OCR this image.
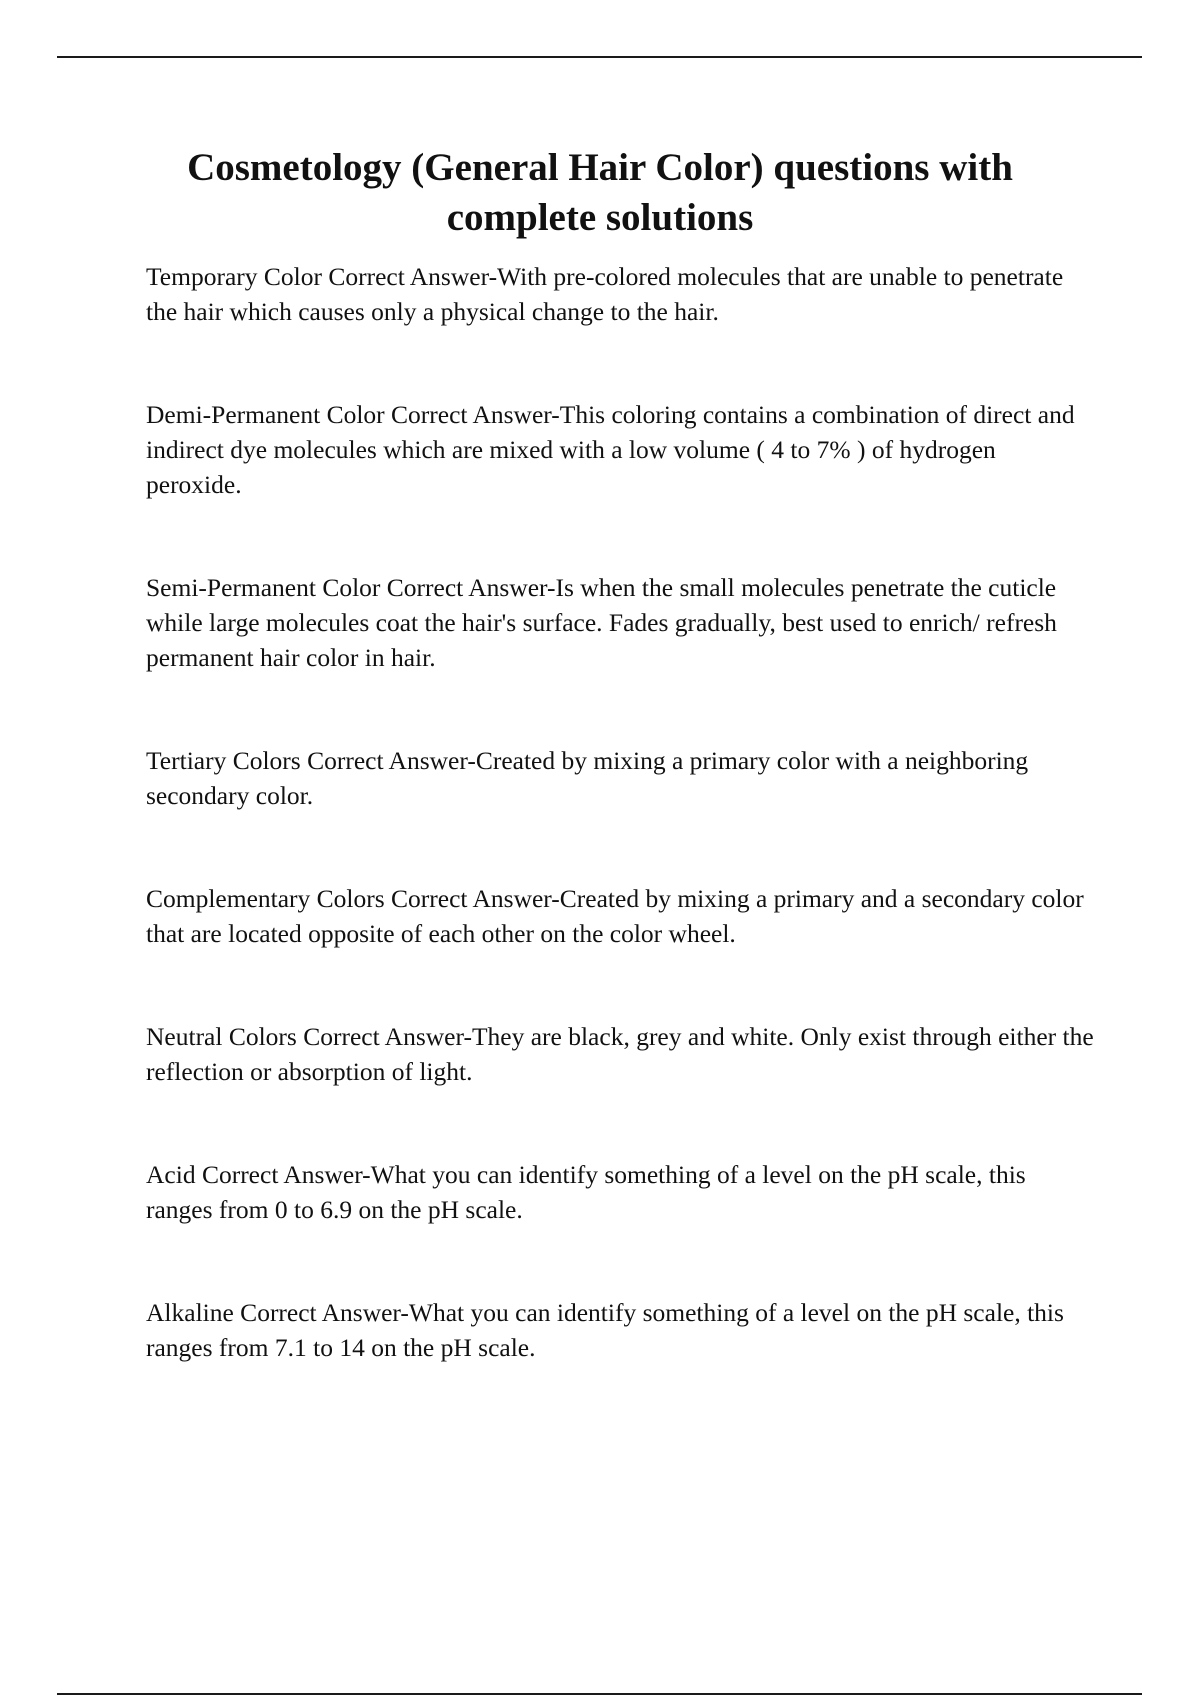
Cosmetology (General Hair Color) questions with complete solutions
Temporary Color Correct Answer-With pre-colored molecules that are unable to penetrate the hair which causes only a physical change to the hair.
Demi-Permanent Color Correct Answer-This coloring contains a combination of direct and indirect dye molecules which are mixed with a low volume ( 4 to 7% ) of hydrogen peroxide.
Semi-Permanent Color Correct Answer-Is when the small molecules penetrate the cuticle while large molecules coat the hair's surface. Fades gradually, best used to enrich/ refresh permanent hair color in hair.
Tertiary Colors Correct Answer-Created by mixing a primary color with a neighboring secondary color.
Complementary Colors Correct Answer-Created by mixing a primary and a secondary color that are located opposite of each other on the color wheel.
Neutral Colors Correct Answer-They are black, grey and white. Only exist through either the reflection or absorption of light.
Acid Correct Answer-What you can identify something of a level on the pH scale, this ranges from 0 to 6.9 on the pH scale.
Alkaline Correct Answer-What you can identify something of a level on the pH scale, this ranges from 7.1 to 14 on the pH scale.
